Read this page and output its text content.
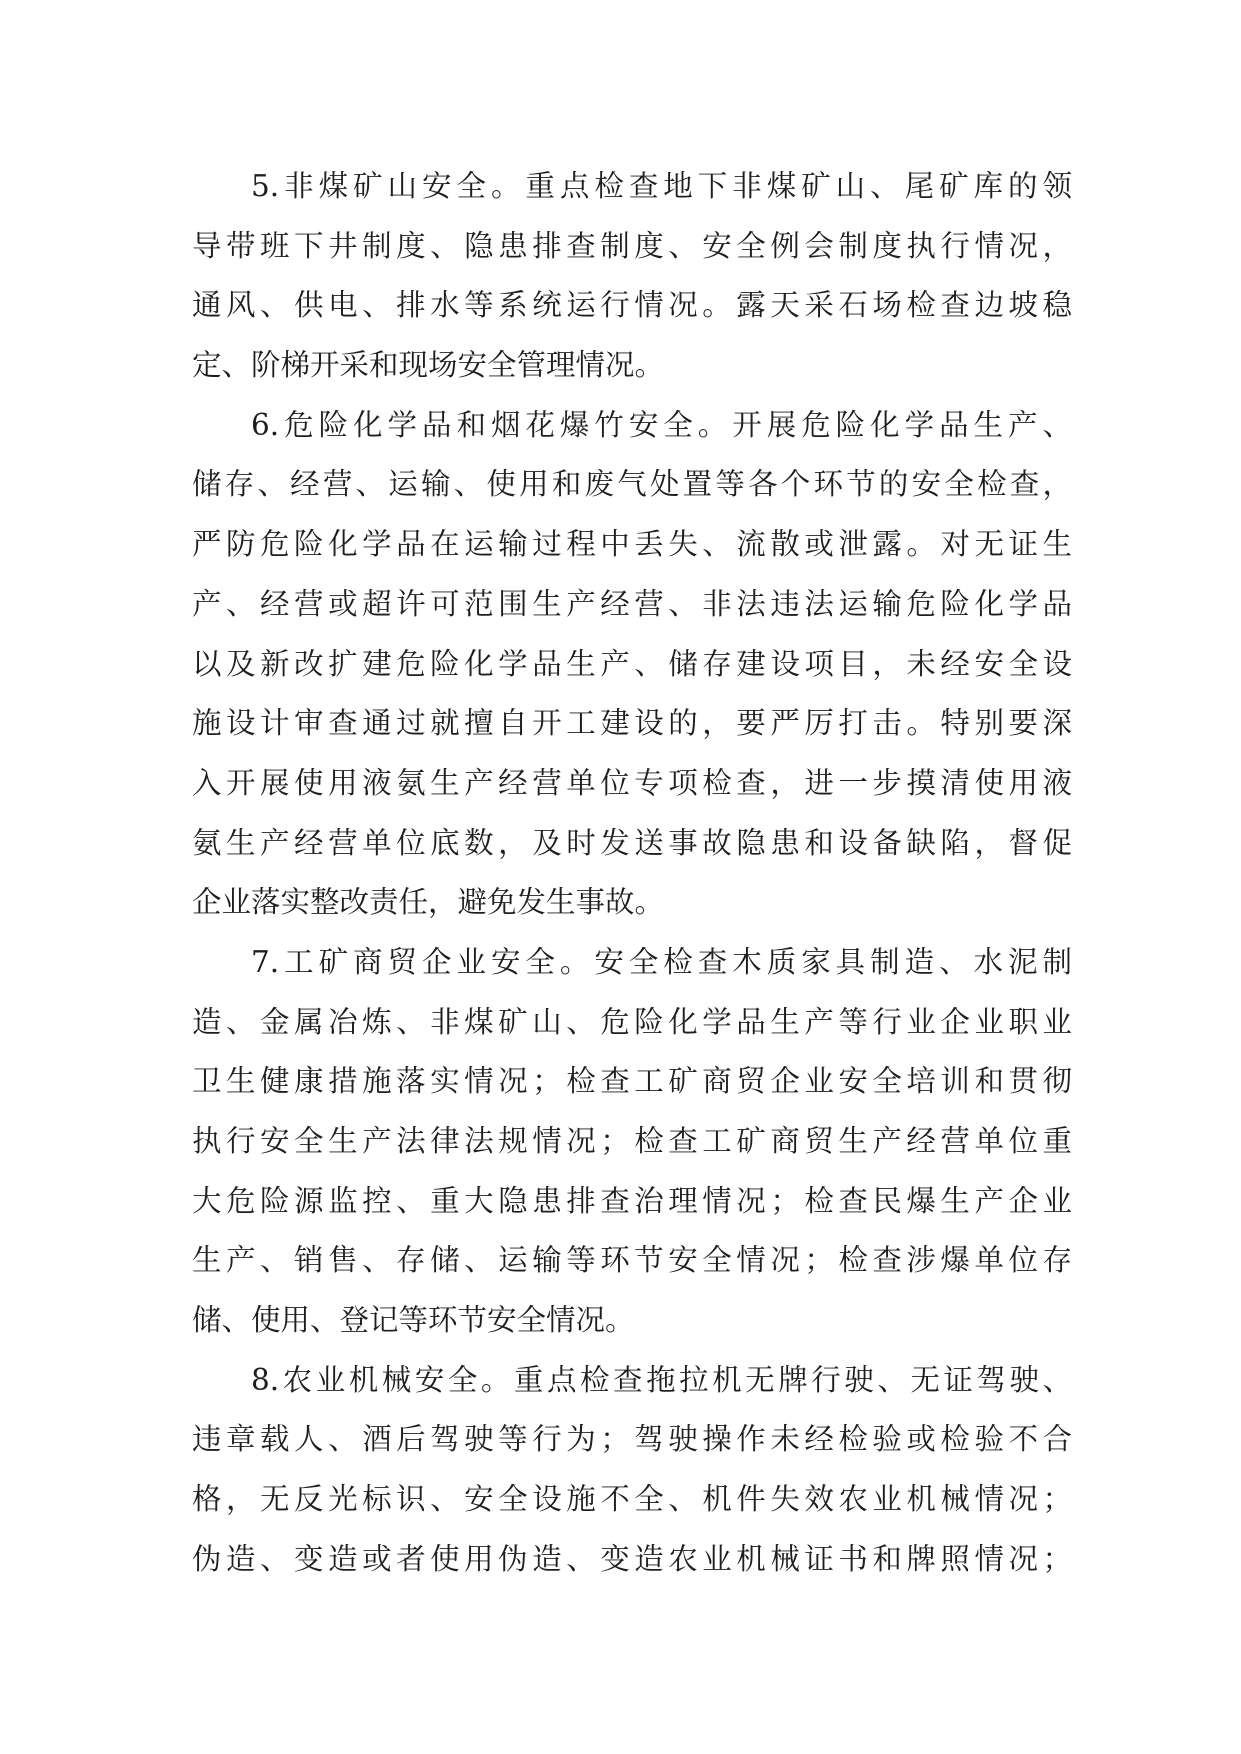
5.非煤矿山安全。重点检查地下非煤矿山、尾矿库的领
导带班下井制度、隐患排查制度、安全例会制度执行情况，
通风、供电、排水等系统运行情况。露天采石场检查边坡稳
定、阶梯开采和现场安全管理情况。
6.危险化学品和烟花爆竹安全。开展危险化学品生产、
储存、经营、运输、使用和废气处置等各个环节的安全检查，
严防危险化学品在运输过程中丢失、流散或泄露。对无证生
产、经营或超许可范围生产经营、非法违法运输危险化学品
以及新改扩建危险化学品生产、储存建设项目，未经安全设
施设计审查通过就擅自开工建设的，要严厉打击。特别要深
入开展使用液氨生产经营单位专项检查，进一步摸清使用液
氨生产经营单位底数，及时发送事故隐患和设备缺陷，督促
企业落实整改责任，避免发生事故。
7.工矿商贸企业安全。安全检查木质家具制造、水泥制
造、金属冶炼、非煤矿山、危险化学品生产等行业企业职业
卫生健康措施落实情况；检查工矿商贸企业安全培训和贯彻
执行安全生产法律法规情况；检查工矿商贸生产经营单位重
大危险源监控、重大隐患排查治理情况；检查民爆生产企业
生产、销售、存储、运输等环节安全情况；检查涉爆单位存
储、使用、登记等环节安全情况。
8.农业机械安全。重点检查拖拉机无牌行驶、无证驾驶、
违章载人、酒后驾驶等行为；驾驶操作未经检验或检验不合
格，无反光标识、安全设施不全、机件失效农业机械情况；
伪造、变造或者使用伪造、变造农业机械证书和牌照情况；
